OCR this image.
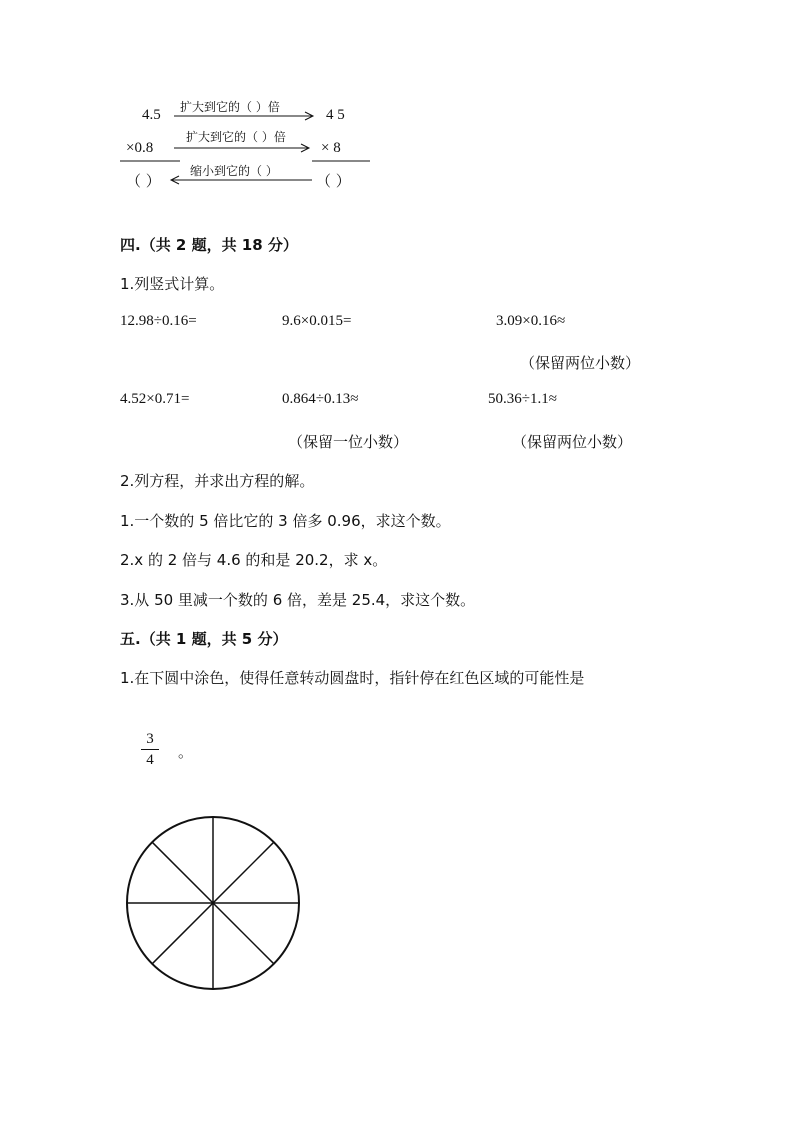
4.5	4 5
扩大到它的（ ）倍
×0.8	× 8
扩大到它的（ ）倍
（ ）	（ ）
缩小到它的（ ）
四.（共 2 题，共 18 分）
1.列竖式计算。
12.98÷0.16=	9.6×0.015=	3.09×0.16≈
（保留两位小数）
4.52×0.71=	0.864÷0.13≈	50.36÷1.1≈
（保留一位小数）	（保留两位小数）
2.列方程，并求出方程的解。
1.一个数的 5 倍比它的 3 倍多 0.96，求这个数。
2.x 的 2 倍与 4.6 的和是 20.2，求 x。
3.从 50 里减一个数的 6 倍，差是 25.4，求这个数。
五.（共 1 题，共 5 分）
1.在下圆中涂色，使得任意转动圆盘时，指针停在红色区域的可能性是
3
4	。
